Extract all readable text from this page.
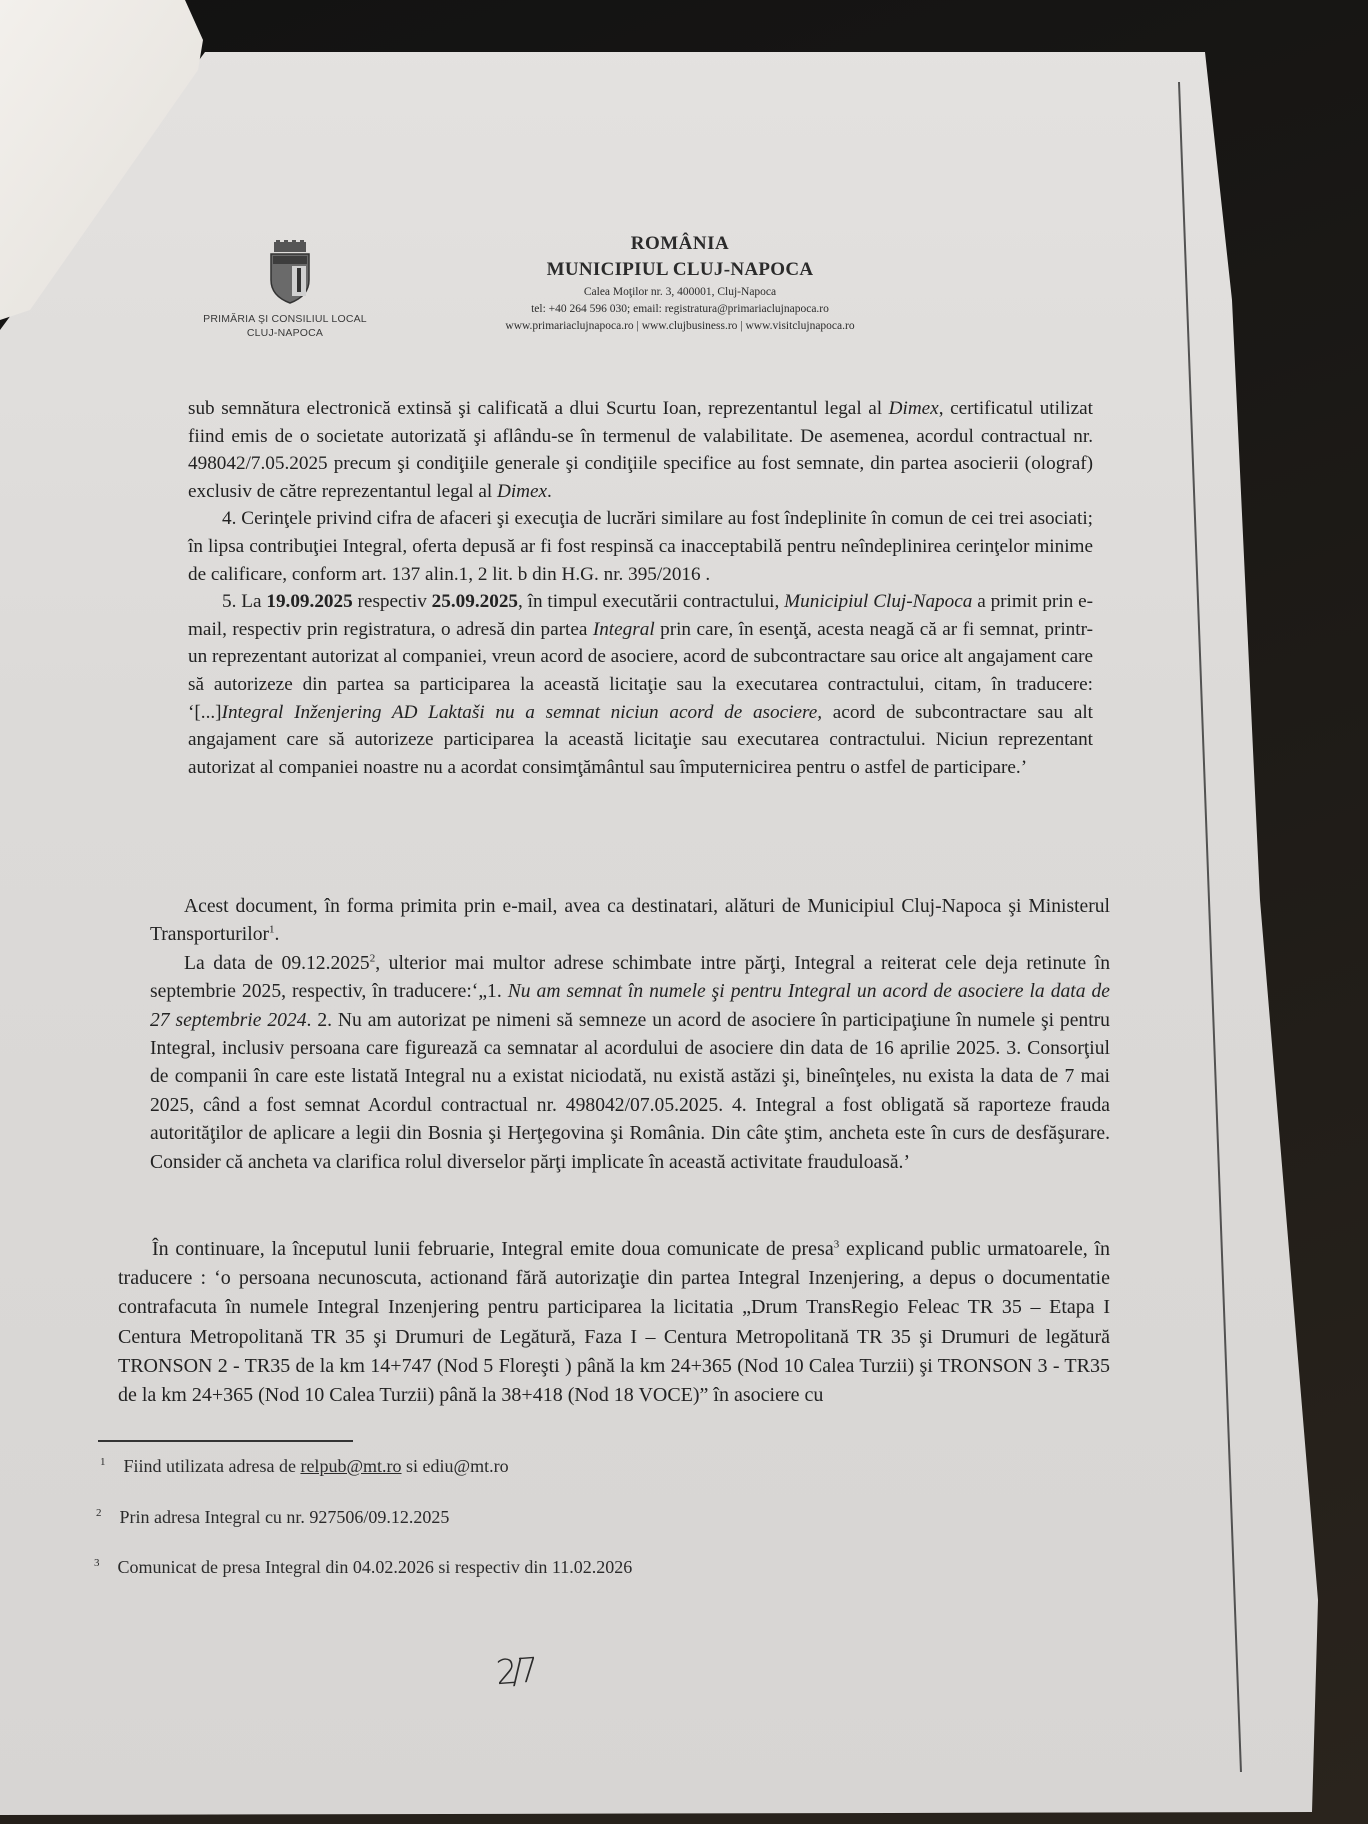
PRIMĂRIA ŞI CONSILIUL LOCAL
CLUJ-NAPOCA
ROMÂNIA
MUNICIPIUL CLUJ-NAPOCA
Calea Moţilor nr. 3, 400001, Cluj-Napoca
tel: +40 264 596 030; email: registratura@primariaclujnapoca.ro
www.primariaclujnapoca.ro | www.clujbusiness.ro | www.visitclujnapoca.ro

sub semnătura electronică extinsă şi calificată a dlui Scurtu Ioan, reprezentantul legal al Dimex, certificatul utilizat fiind emis de o societate autorizată şi aflându-se în termenul de valabilitate. De asemenea, acordul contractual nr. 498042/7.05.2025 precum şi condiţiile generale şi condiţiile specifice au fost semnate, din partea asocierii (olograf) exclusiv de către reprezentantul legal al Dimex.

4. Cerinţele privind cifra de afaceri şi execuţia de lucrări similare au fost îndeplinite în comun de cei trei asociati; în lipsa contribuţiei Integral, oferta depusă ar fi fost respinsă ca inacceptabilă pentru neîndeplinirea cerinţelor minime de calificare, conform art. 137 alin.1, 2 lit. b din H.G. nr. 395/2016 .

5. La 19.09.2025 respectiv 25.09.2025, în timpul executării contractului, Municipiul Cluj-Napoca a primit prin e-mail, respectiv prin registratura, o adresă din partea Integral prin care, în esenţă, acesta neagă că ar fi semnat, printr-un reprezentant autorizat al companiei, vreun acord de asociere, acord de subcontractare sau orice alt angajament care să autorizeze din partea sa participarea la această licitaţie sau la executarea contractului, citam, în traducere: ‘[...]Integral Inženjering AD Laktaši nu a semnat niciun acord de asociere, acord de subcontractare sau alt angajament care să autorizeze participarea la această licitaţie sau executarea contractului. Niciun reprezentant autorizat al companiei noastre nu a acordat consimţământul sau împuternicirea pentru o astfel de participare.’

Acest document, în forma primita prin e-mail, avea ca destinatari, alături de Municipiul Cluj-Napoca şi Ministerul Transporturilor$^1$.

La data de 09.12.2025$^2$, ulterior mai multor adrese schimbate intre părţi, Integral a reiterat cele deja retinute în septembrie 2025, respectiv, în traducere:‘„1. Nu am semnat în numele şi pentru Integral un acord de asociere la data de 27 septembrie 2024. 2. Nu am autorizat pe nimeni să semneze un acord de asociere în participaţiune în numele şi pentru Integral, inclusiv persoana care figurează ca semnatar al acordului de asociere din data de 16 aprilie 2025. 3. Consorţiul de companii în care este listată Integral nu a existat niciodată, nu există astăzi şi, bineînţeles, nu exista la data de 7 mai 2025, când a fost semnat Acordul contractual nr. 498042/07.05.2025. 4. Integral a fost obligată să raporteze frauda autorităţilor de aplicare a legii din Bosnia şi Herţegovina şi România. Din câte ştim, ancheta este în curs de desfăşurare. Consider că ancheta va clarifica rolul diverselor părţi implicate în această activitate frauduloasă.’

În continuare, la începutul lunii februarie, Integral emite doua comunicate de presa$^3$ explicand public urmatoarele, în traducere : ‘o persoana necunoscuta, actionand fără autorizaţie din partea Integral Inzenjering, a depus o documentatie contrafacuta în numele Integral Inzenjering pentru participarea la licitatia „Drum TransRegio Feleac TR 35 – Etapa I Centura Metropolitană TR 35 şi Drumuri de Legătură, Faza I – Centura Metropolitană TR 35 şi Drumuri de legătură TRONSON 2 - TR35 de la km 14+747 (Nod 5 Floreşti ) până la km 24+365 (Nod 10 Calea Turzii) şi TRONSON 3 - TR35 de la km 24+365 (Nod 10 Calea Turzii) până la 38+418 (Nod 18 VOCE)” în asociere cu

$^1$ Fiind utilizata adresa de relpub@mt.ro si ediu@mt.ro
$^2$ Prin adresa Integral cu nr. 927506/09.12.2025
$^3$ Comunicat de presa Integral din 04.02.2026 si respectiv din 11.02.2026
2/7
